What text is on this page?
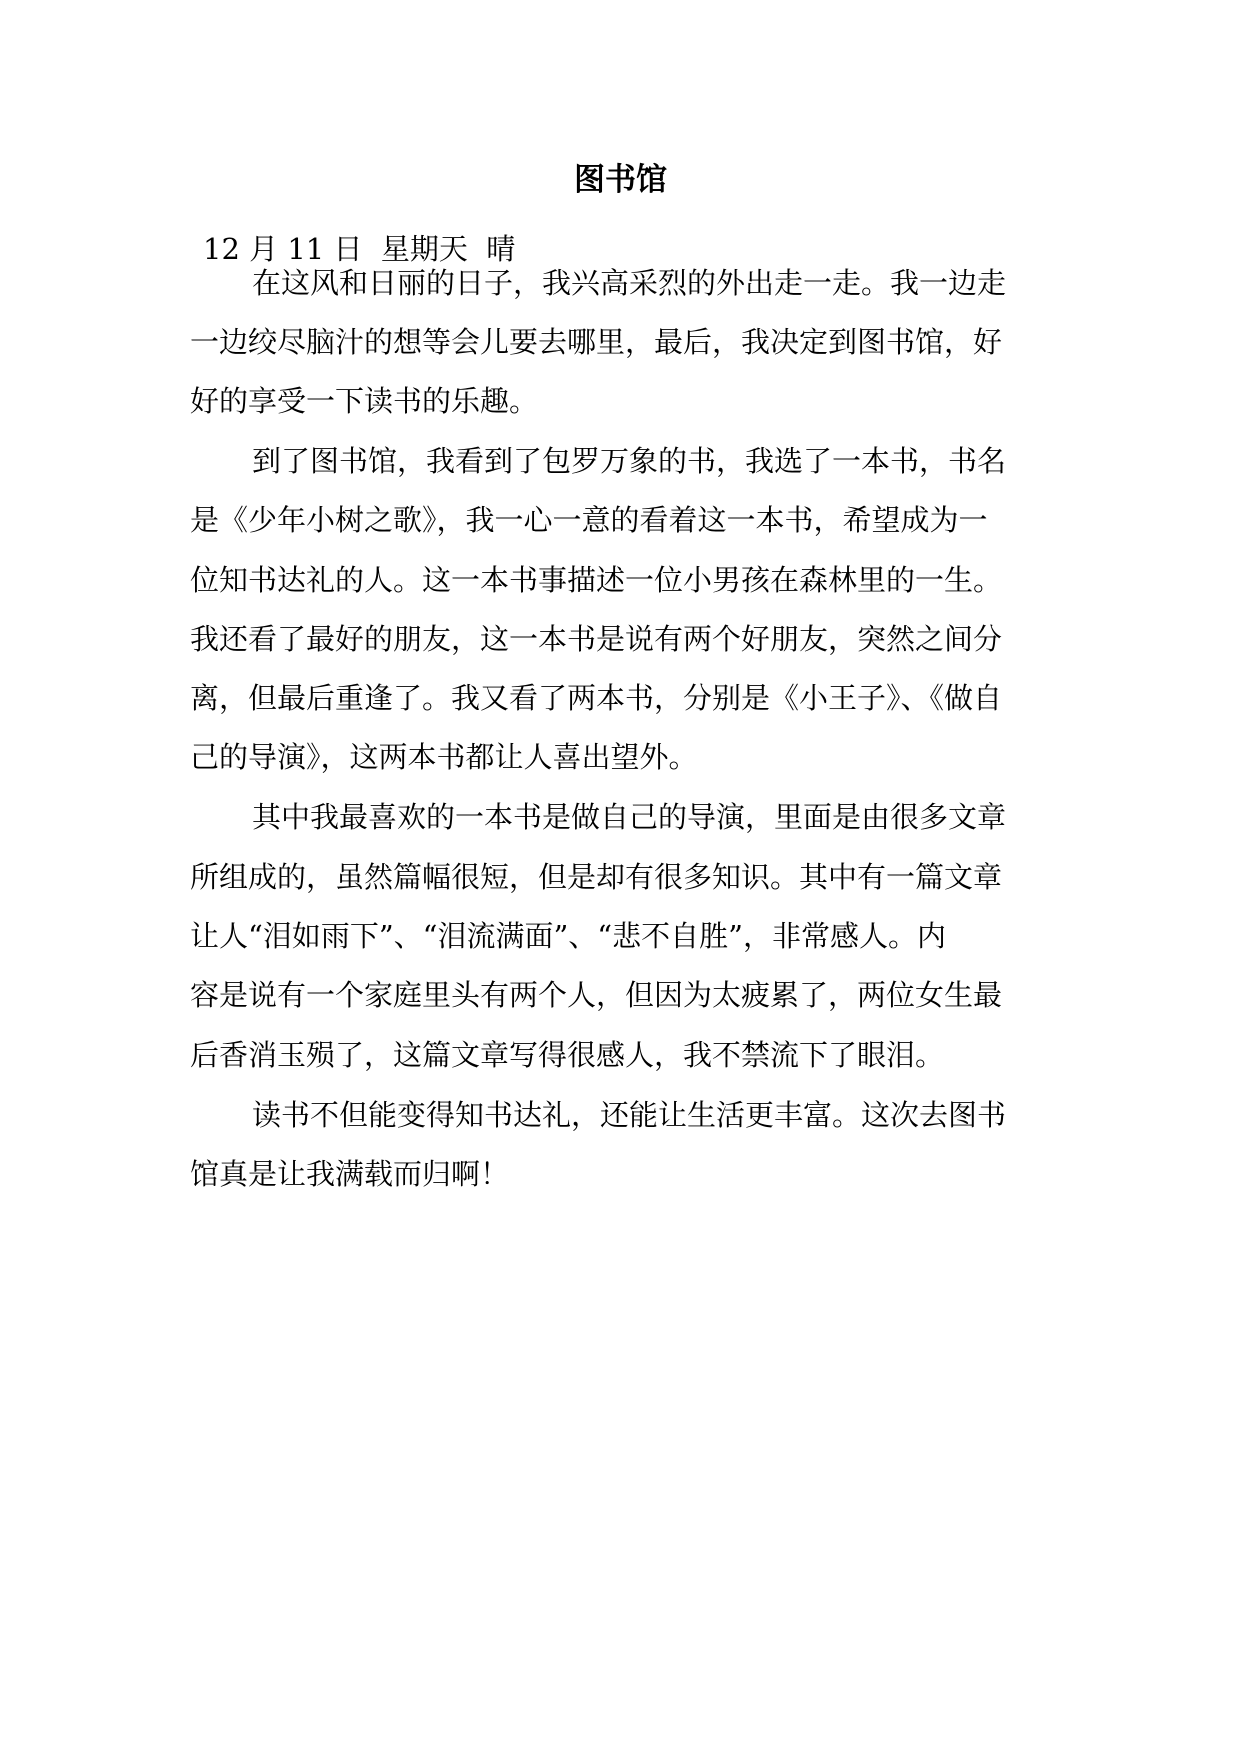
图书馆
12 月 11 日  星期天  晴
在这风和日丽的日子，我兴高采烈的外出走一走。我一边走
一边绞尽脑汁的想等会儿要去哪里，最后，我决定到图书馆，好
好的享受一下读书的乐趣。
到了图书馆，我看到了包罗万象的书，我选了一本书，书名
是《少年小树之歌》，我一心一意的看着这一本书，希望成为一
位知书达礼的人。这一本书事描述一位小男孩在森林里的一生。
我还看了最好的朋友，这一本书是说有两个好朋友，突然之间分
离，但最后重逢了。我又看了两本书，分别是《小王子》、《做自
己的导演》，这两本书都让人喜出望外。
其中我最喜欢的一本书是做自己的导演，里面是由很多文章
所组成的，虽然篇幅很短，但是却有很多知识。其中有一篇文章
让人“泪如雨下”、“泪流满面”、“悲不自胜”，非常感人。内
容是说有一个家庭里头有两个人，但因为太疲累了，两位女生最
后香消玉殒了，这篇文章写得很感人，我不禁流下了眼泪。
读书不但能变得知书达礼，还能让生活更丰富。这次去图书
馆真是让我满载而归啊！
